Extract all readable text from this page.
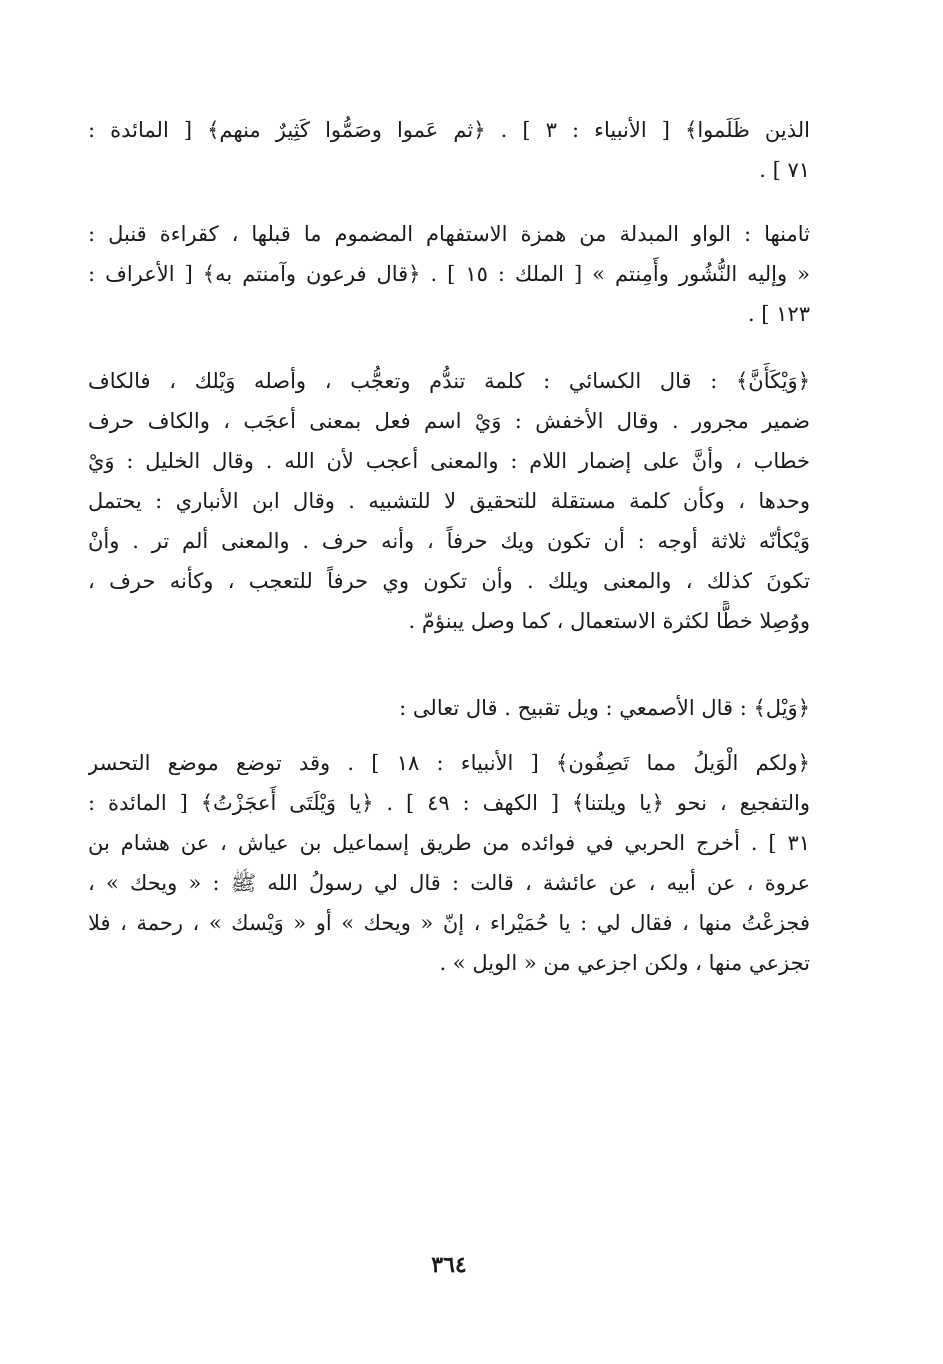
الذين ظَلَموا﴾ [ الأنبياء : ٣ ] . ﴿ثم عَموا وصَمُّوا كَثِيرٌ منهم﴾ [ المائدة :
٧١ ] .

ثامنها : الواو المبدلة من همزة الاستفهام المضموم ما قبلها ، كقراءة قنبل :
« وإليه النُّشُور وأَمِنتم » [ الملك : ١٥ ] . ﴿قال فرعون وآمنتم به﴾ [ الأعراف :
١٢٣ ] .

﴿وَيْكَأَنَّ﴾ : قال الكسائي : كلمة تندُّم وتعجُّب ، وأصله وَيْلك ، فالكاف
ضمير مجرور . وقال الأخفش : وَيْ اسم فعل بمعنى أعجَب ، والكاف حرف
خطاب ، وأنَّ على إضمار اللام : والمعنى أعجب لأن الله . وقال الخليل : وَيْ
وحدها ، وكأن كلمة مستقلة للتحقيق لا للتشبيه . وقال ابن الأنباري : يحتمل
وَيْكأنّه ثلاثة أوجه : أن تكون ويك حرفاً ، وأنه حرف . والمعنى ألم تر . وأنْ
تكونَ كذلك ، والمعنى ويلك . وأن تكون وي حرفاً للتعجب ، وكأنه حرف ،
ووُصِلا خطًّا لكثرة الاستعمال ، كما وصل يبنؤمّ .

﴿وَيْل﴾ : قال الأصمعي : ويل تقبيح . قال تعالى :

﴿ولكم الْوَيلُ مما تَصِفُون﴾ [ الأنبياء : ١٨ ] . وقد توضع موضع التحسر
والتفجيع ، نحو ﴿يا ويلتنا﴾ [ الكهف : ٤٩ ] . ﴿يا وَيْلَتَى أَعجَزْتُ﴾ [ المائدة :
٣١ ] . أخرج الحربي في فوائده من طريق إسماعيل بن عياش ، عن هشام بن
عروة ، عن أبيه ، عن عائشة ، قالت : قال لي رسولُ الله ﷺ : « ويحك » ،
فجزعْتُ منها ، فقال لي : يا حُمَيْراء ، إنّ « ويحك » أو « وَيْسك » ، رحمة ، فلا
تجزعي منها ، ولكن اجزعي من « الويل » .

٣٦٤
